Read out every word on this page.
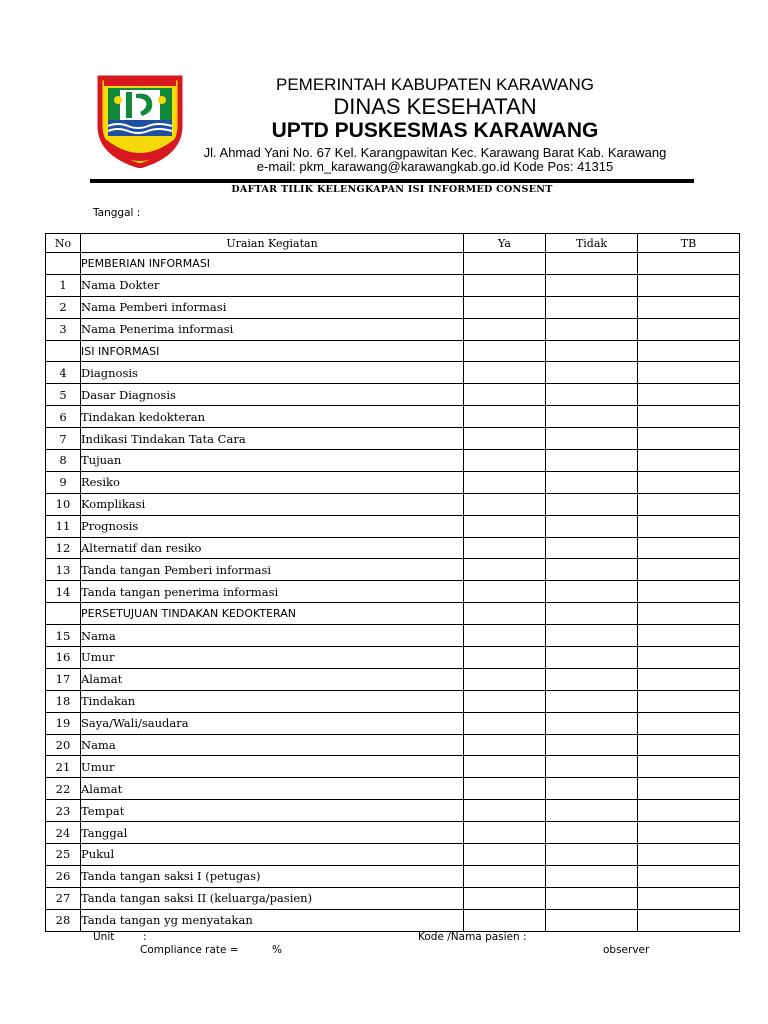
PEMERINTAH KABUPATEN KARAWANG
DINAS KESEHATAN
UPTD PUSKESMAS KARAWANG
Jl. Ahmad Yani No. 67 Kel. Karangpawitan Kec. Karawang Barat Kab. Karawang
e-mail: pkm_karawang@karawangkab.go.id Kode Pos: 41315
DAFTAR TILIK KELENGKAPAN ISI INFORMED CONSENT
Tanggal :
No	Uraian Kegiatan	Ya	Tidak	TB
	PEMBERIAN INFORMASI			
1	Nama Dokter			
2	Nama Pemberi informasi			
3	Nama Penerima informasi			
	ISI INFORMASI			
4	Diagnosis			
5	Dasar Diagnosis			
6	Tindakan kedokteran			
7	Indikasi Tindakan Tata Cara			
8	Tujuan			
9	Resiko			
10	Komplikasi			
11	Prognosis			
12	Alternatif dan resiko			
13	Tanda tangan Pemberi informasi			
14	Tanda tangan penerima informasi			
	PERSETUJUAN TINDAKAN KEDOKTERAN			
15	Nama			
16	Umur			
17	Alamat			
18	Tindakan			
19	Saya/Wali/saudara			
20	Nama			
21	Umur			
22	Alamat			
23	Tempat			
24	Tanggal			
25	Pukul			
26	Tanda tangan saksi I (petugas)			
27	Tanda tangan saksi II (keluarga/pasien)			
28	Tanda tangan yg menyatakan			
Unit	:	Kode /Nama pasien :
Compliance rate =	%	observer
